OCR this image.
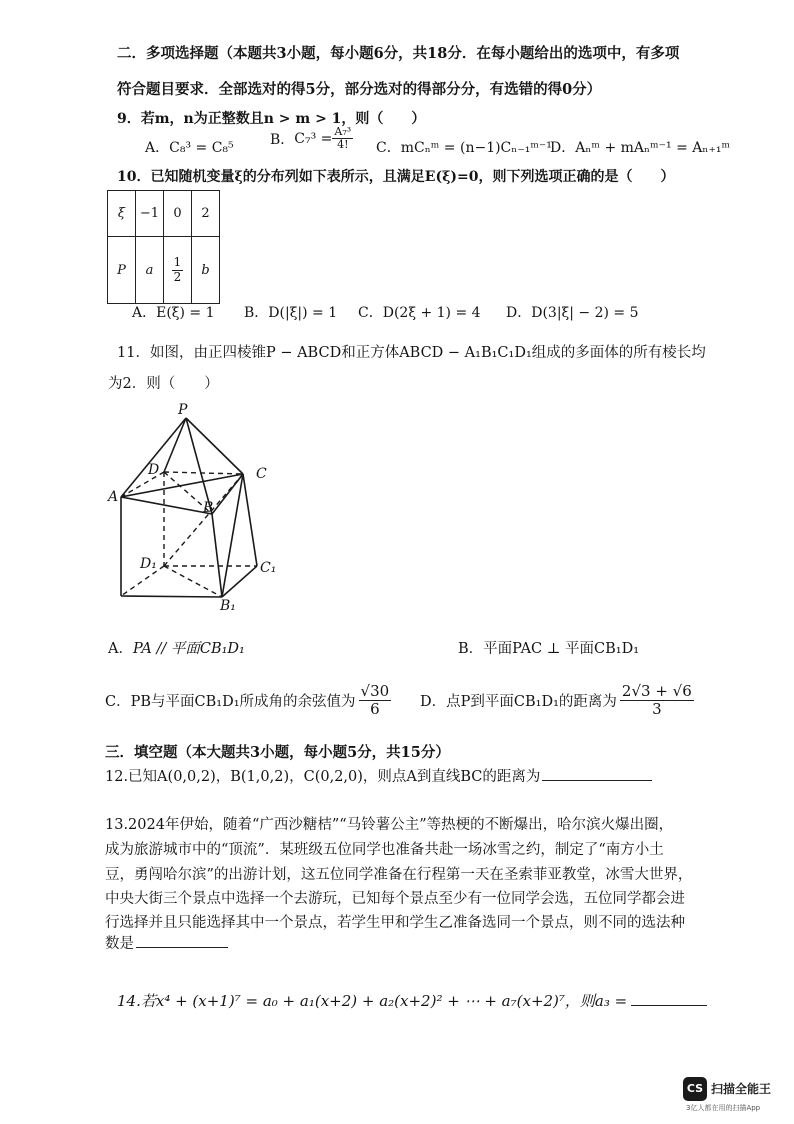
二．多项选择题（本题共3小题，每小题6分，共18分．在每小题给出的选项中，有多项
符合题目要求．全部选对的得5分，部分选对的得部分分，有选错的得0分）
9．若m，n为正整数且n > m > 1，则（　　）
A．C₈³ = C₈⁵
B． $C_7^3 = \frac{\text{A₇³}}{4!}$ C．mCₙᵐ = (n−1)Cₙ₋₁ᵐ⁻¹
D．Aₙᵐ + mAₙᵐ⁻¹ = Aₙ₊₁ᵐ
10．已知随机变量ξ的分布列如下表所示，且满足E(ξ)=0，则下列选项正确的是（　　）
ξ	−1	0	2
P	a	$\frac{1}{2}$	b
A．E(ξ) = 1 B．D(|ξ|) = 1 C．D(2ξ + 1) = 4 D．D(3|ξ| − 2) = 5
11．如图，由正四棱锥P − ABCD和正方体ABCD − A₁B₁C₁D₁组成的多面体的所有棱长均
为2．则（　　）
P
D	C
A
B
D₁	C₁
B₁
A．PA // 平面CB₁D₁	B．平面PAC ⊥ 平面CB₁D₁
C． PB与平面CB₁D₁所成角的余弦值为 $\frac{√30}{6}$ D． 点P到平面CB₁D₁的距离为 $\frac{2√3 + √6}{3}$
三．填空题（本大题共3小题，每小题5分，共15分）
12.已知A(0,0,2)，B(1,0,2)，C(0,2,0)，则点A到直线BC的距离为
13.2024年伊始，随着“广西沙糖桔”“马铃薯公主”等热梗的不断爆出，哈尔滨火爆出圈，
成为旅游城市中的“顶流”．某班级五位同学也准备共赴一场冰雪之约，制定了“南方小土
豆，勇闯哈尔滨”的出游计划，这五位同学准备在行程第一天在圣索菲亚教堂，冰雪大世界，
中央大街三个景点中选择一个去游玩，已知每个景点至少有一位同学会选，五位同学都会进
行选择并且只能选择其中一个景点，若学生甲和学生乙准备选同一个景点，则不同的选法种
数是
14.若x⁴ + (x+1)⁷ = a₀ + a₁(x+2) + a₂(x+2)² + ⋯ + a₇(x+2)⁷，则a₃ =
CS 扫描全能王
3亿人都在用的扫描App
